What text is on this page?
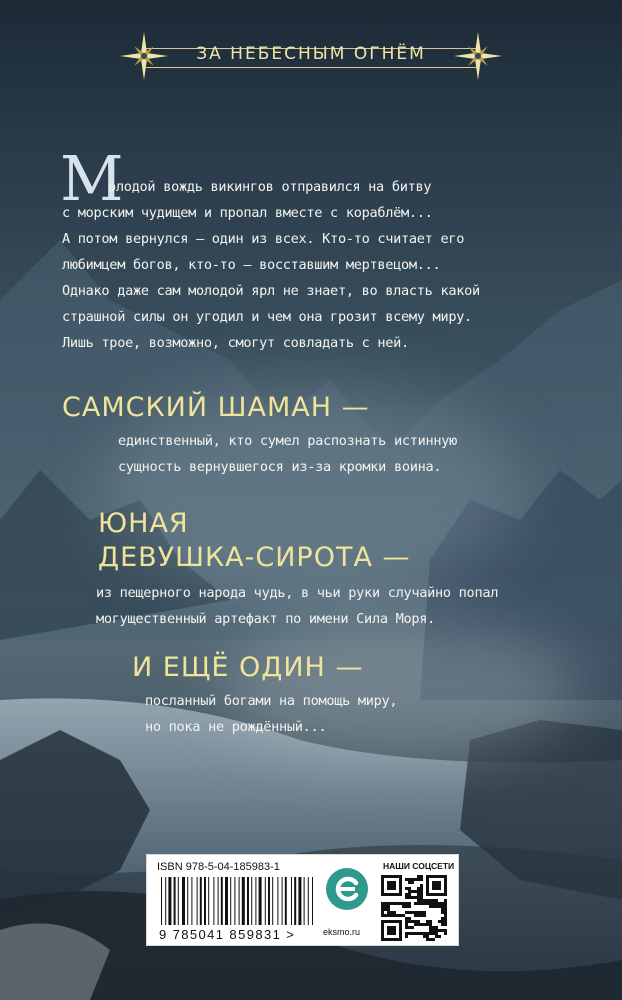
ЗА НЕБЕСНЫМ ОГНЁМ
М
олодой вождь викингов отправился на битву
с морским чудищем и пропал вместе с кораблём...
А потом вернулся — один из всех. Кто-то считает его
любимцем богов, кто-то — восставшим мертвецом...
Однако даже сам молодой ярл не знает, во власть какой
страшной силы он угодил и чем она грозит всему миру.
Лишь трое, возможно, смогут совладать с ней.
САМСКИЙ ШАМАН —
единственный, кто сумел распознать истинную
сущность вернувшегося из-за кромки воина.
ЮНАЯ
ДЕВУШКА-СИРОТА —
из пещерного народа чудь, в чьи руки случайно попал
могущественный артефакт по имени Сила Моря.
И ЕЩЁ ОДИН —
посланный богами на помощь миру,
но пока не рождённый...
ISBN 978-5-04-185983-1
9 785041 859831 >	eksmo.ru
НАШИ СОЦСЕТИ
